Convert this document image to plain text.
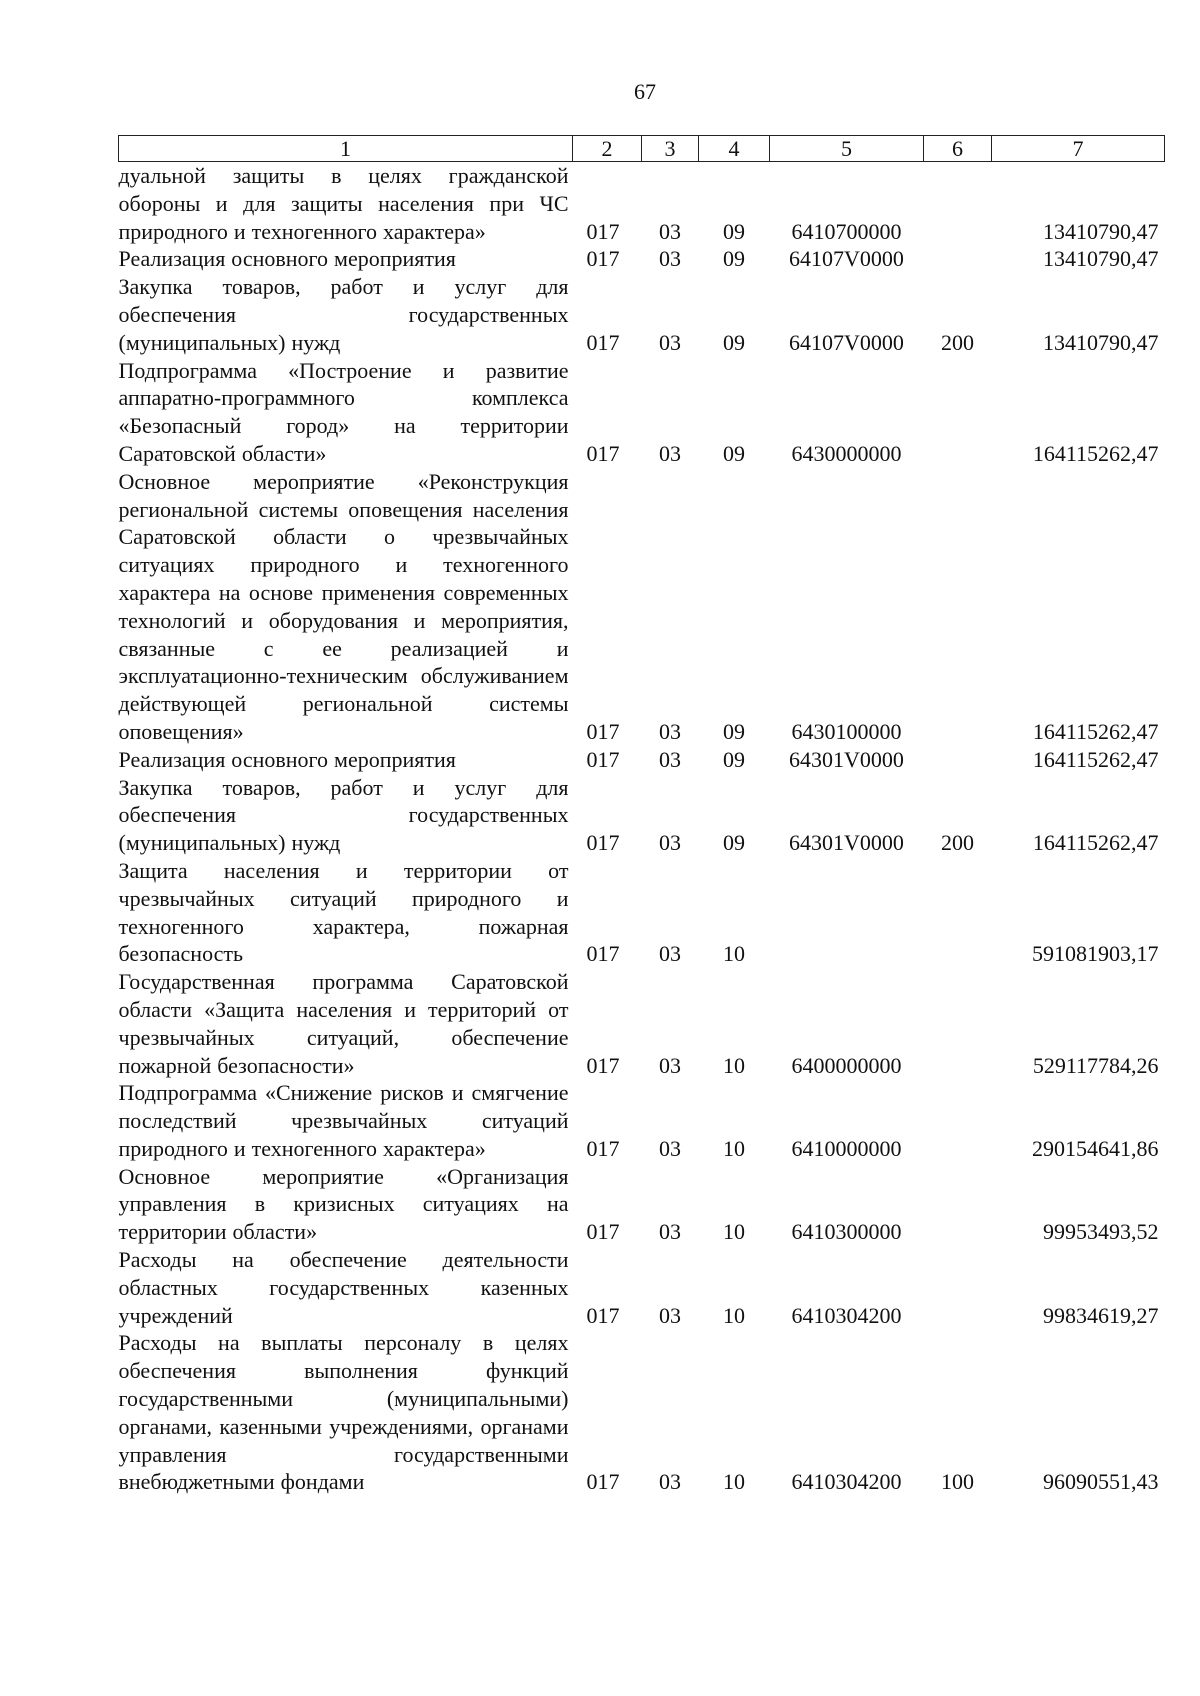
67
1	2	3	4	5	6	7
дуальной защиты в целях гражданской обороны и для защиты населения при ЧС природного и техногенного характера»	017	03	09	6410700000		13410790,47
Реализация основного мероприятия	017	03	09	64107V0000		13410790,47
Закупка товаров, работ и услуг для обеспечения государственных (муниципальных) нужд	017	03	09	64107V0000	200	13410790,47
Подпрограмма «Построение и развитие аппаратно-программного комплекса «Безопасный город» на территории Саратовской области»	017	03	09	6430000000		164115262,47
Основное мероприятие «Реконструкция региональной системы оповещения населения Саратовской области о чрезвычайных ситуациях природного и техногенного характера на основе применения современных технологий и оборудования и мероприятия, связанные с ее реализацией и эксплуатационно-техническим обслуживанием действующей региональной системы оповещения»	017	03	09	6430100000		164115262,47
Реализация основного мероприятия	017	03	09	64301V0000		164115262,47
Закупка товаров, работ и услуг для обеспечения государственных (муниципальных) нужд	017	03	09	64301V0000	200	164115262,47
Защита населения и территории от чрезвычайных ситуаций природного и техногенного характера, пожарная безопасность	017	03	10			591081903,17
Государственная программа Саратовской области «Защита населения и территорий от чрезвычайных ситуаций, обеспечение пожарной безопасности»	017	03	10	6400000000		529117784,26
Подпрограмма «Снижение рисков и смягчение последствий чрезвычайных ситуаций природного и техногенного характера»	017	03	10	6410000000		290154641,86
Основное мероприятие «Организация управления в кризисных ситуациях на территории области»	017	03	10	6410300000		99953493,52
Расходы на обеспечение деятельности областных государственных казенных учреждений	017	03	10	6410304200		99834619,27
Расходы на выплаты персоналу в целях обеспечения выполнения функций государственными (муниципальными) органами, казенными учреждениями, органами управления государственными внебюджетными фондами	017	03	10	6410304200	100	96090551,43
